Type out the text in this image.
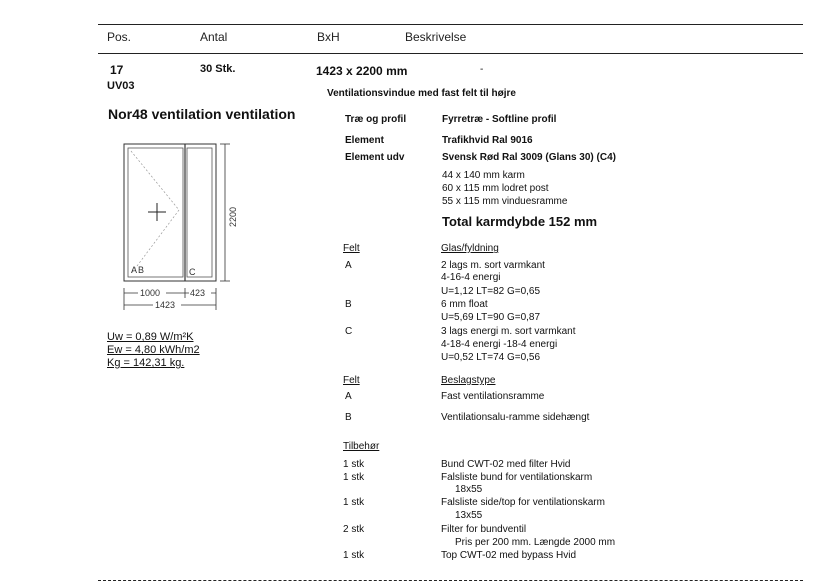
Pos.	Antal	BxH	Beskrivelse
17
UV03
30 Stk.	1423 x 2200 mm	-
Ventilationsvindue med fast felt til højre
Nor48 ventilation ventilation	Træ og profil	Fyrretræ - Softline profil
Element	Trafikhvid Ral 9016
Element udv	Svensk Rød Ral 3009 (Glans 30) (C4)
44 x 140 mm karm
60 x 115 mm lodret post
55 x 115 mm vinduesramme
Total karmdybde 152 mm
A B	C
2200
1000	423
1423
Uw = 0,89 W/m²K
Ew = 4,80 kWh/m2
Kg = 142,31 kg.
Felt	Glas/fyldning
A	2 lags m. sort varmkant
4-16-4 energi
U=1,12 LT=82 G=0,65
B	6 mm float
U=5,69 LT=90 G=0,87
C	3 lags energi m. sort varmkant
4-18-4 energi -18-4 energi
U=0,52 LT=74 G=0,56
Felt	Beslagstype
A	Fast ventilationsramme
B	Ventilationsalu-ramme sidehængt
Tilbehør
1 stk	Bund CWT-02 med filter Hvid
1 stk	Falsliste bund for ventilationskarm
18x55
1 stk	Falsliste side/top for ventilationskarm
13x55
2 stk	Filter for bundventil
Pris per 200 mm. Længde 2000 mm
1 stk	Top CWT-02 med bypass Hvid
